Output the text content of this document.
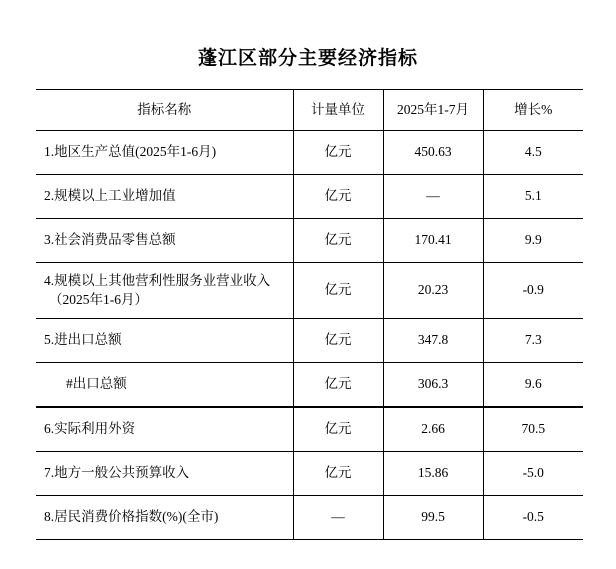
蓬江区部分主要经济指标
指标名称	计量单位	2025年1-7月	增长%
1.地区生产总值(2025年1-6月)	亿元	450.63	4.5
2.规模以上工业增加值	亿元	—	5.1
3.社会消费品零售总额	亿元	170.41	9.9
4.规模以上其他营利性服务业营业收入
（2025年1-6月）	亿元	20.23	-0.9
5.进出口总额	亿元	347.8	7.3
#出口总额	亿元	306.3	9.6
6.实际利用外资	亿元	2.66	70.5
7.地方一般公共预算收入	亿元	15.86	-5.0
8.居民消费价格指数(%)(全市)	—	99.5	-0.5
